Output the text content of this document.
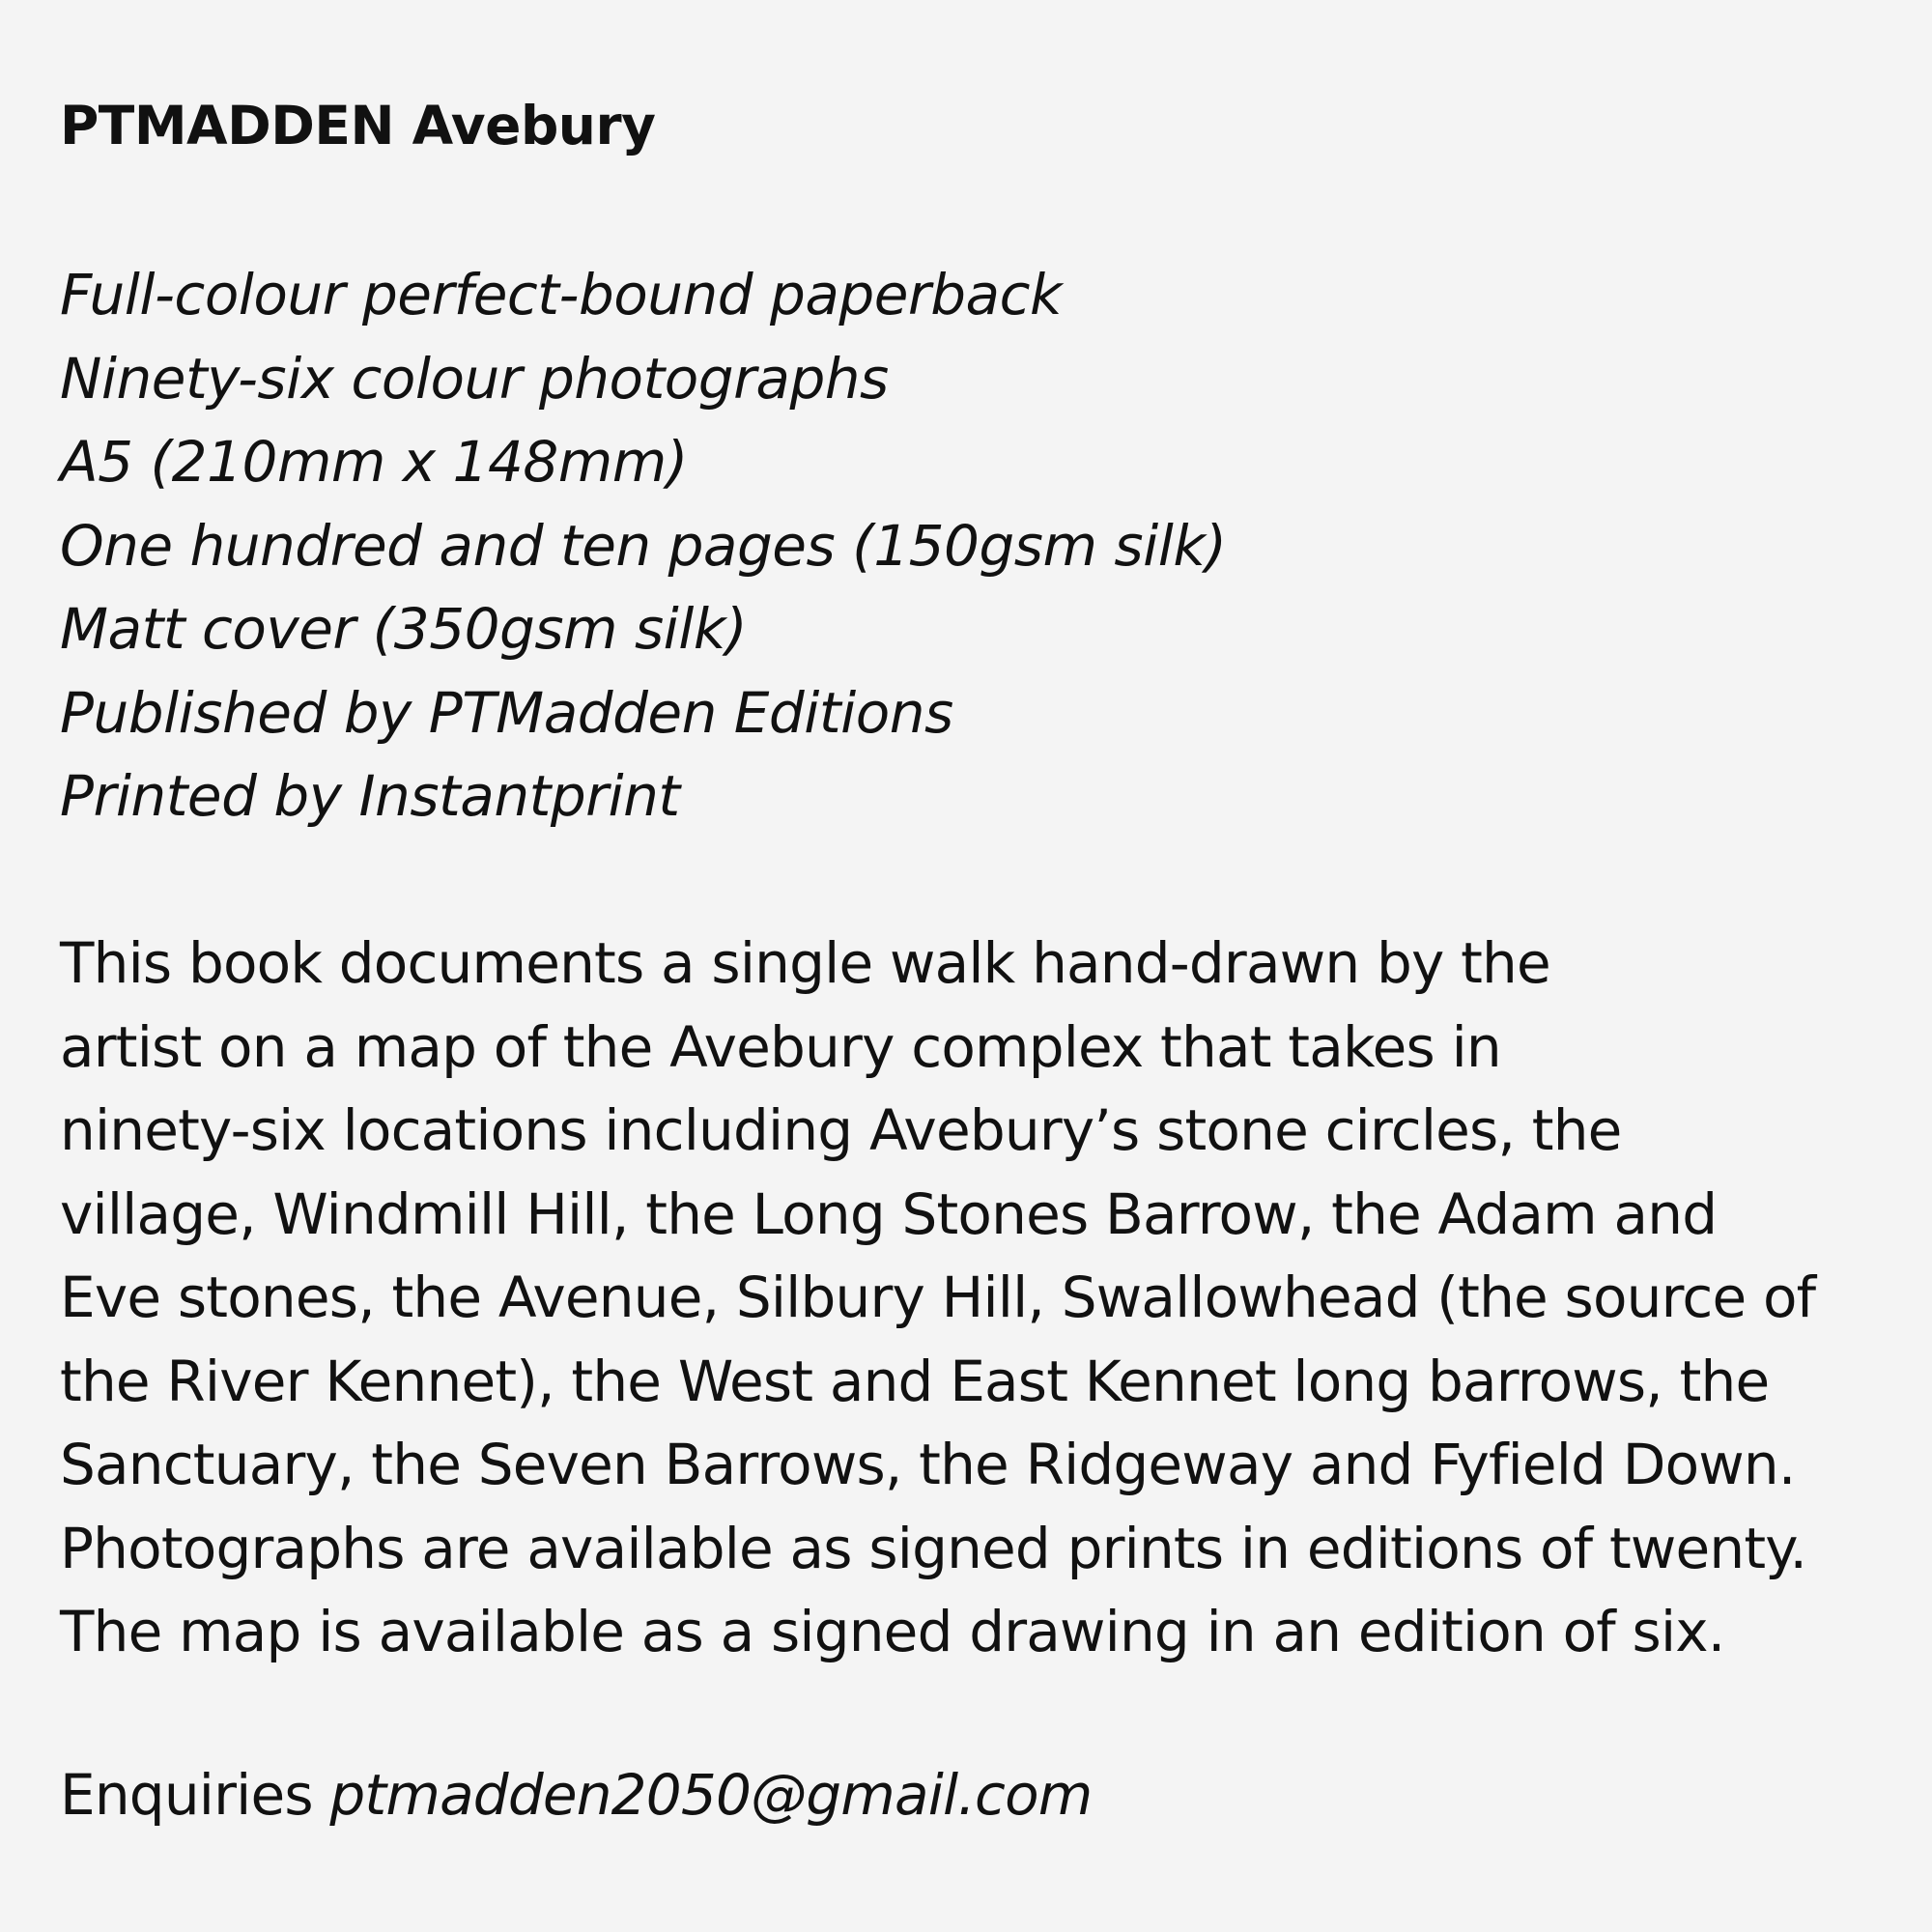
PTMADDEN Avebury
Full-colour perfect-bound paperback
Ninety-six colour photographs
A5 (210mm x 148mm)
One hundred and ten pages (150gsm silk)
Matt cover (350gsm silk)
Published by PTMadden Editions
Printed by Instantprint
This book documents a single walk hand-drawn by the
artist on a map of the Avebury complex that takes in
ninety-six locations including Avebury’s stone circles, the
village, Windmill Hill, the Long Stones Barrow, the Adam and
Eve stones, the Avenue, Silbury Hill, Swallowhead (the source of
the River Kennet), the West and East Kennet long barrows, the
Sanctuary, the Seven Barrows, the Ridgeway and Fyfield Down.
Photographs are available as signed prints in editions of twenty.
The map is available as a signed drawing in an edition of six.
Enquiries ptmadden2050@gmail.com
